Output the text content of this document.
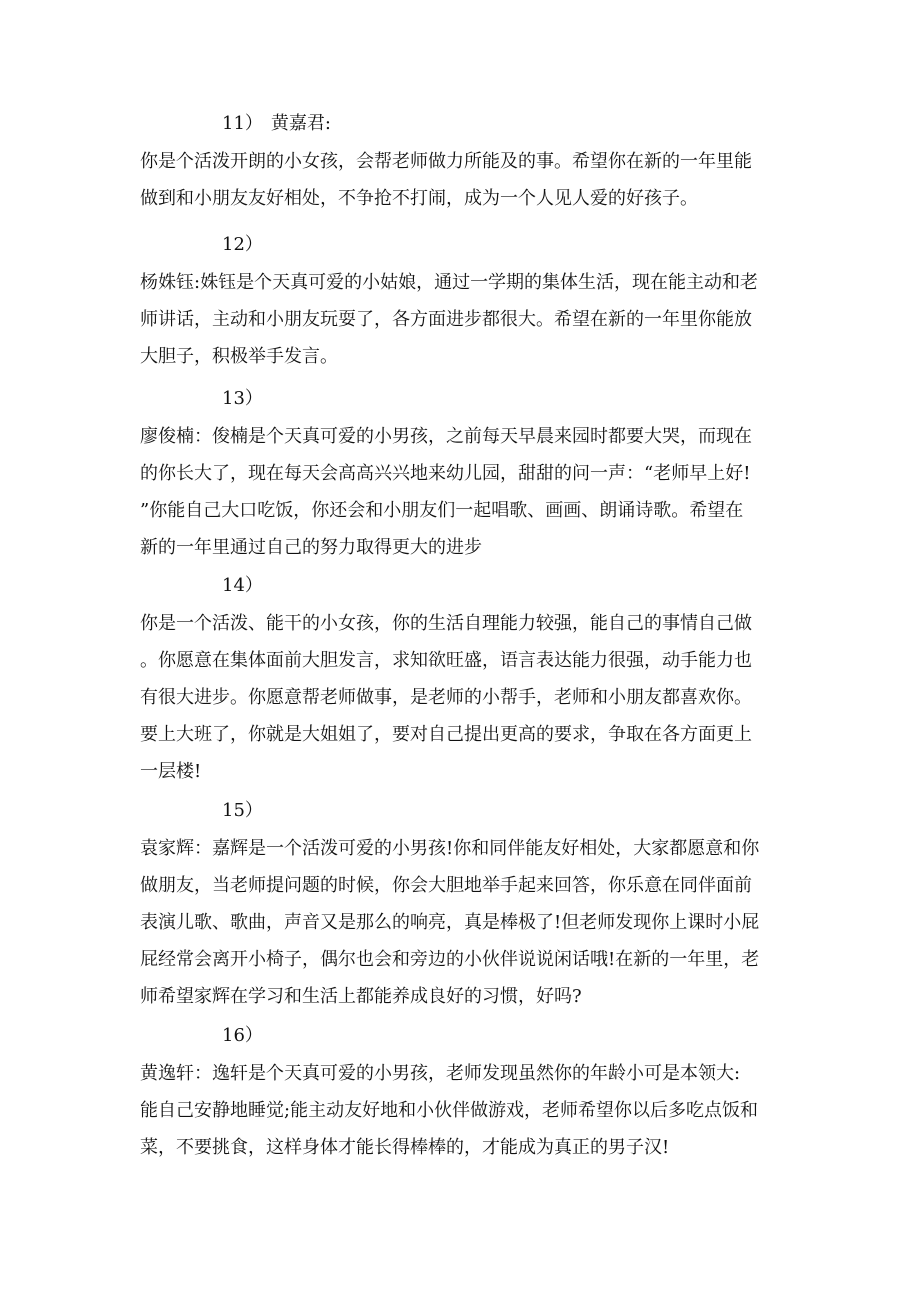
11） 黄嘉君:
你是个活泼开朗的小女孩，会帮老师做力所能及的事。希望你在新的一年里能
做到和小朋友友好相处，不争抢不打闹，成为一个人见人爱的好孩子。
12）
杨姝钰:姝钰是个天真可爱的小姑娘，通过一学期的集体生活，现在能主动和老
师讲话，主动和小朋友玩耍了，各方面进步都很大。希望在新的一年里你能放
大胆子，积极举手发言。
13）
廖俊楠：俊楠是个天真可爱的小男孩，之前每天早晨来园时都要大哭，而现在
的你长大了，现在每天会高高兴兴地来幼儿园，甜甜的问一声：“老师早上好!
”你能自己大口吃饭，你还会和小朋友们一起唱歌、画画、朗诵诗歌。希望在
新的一年里通过自己的努力取得更大的进步
14）
你是一个活泼、能干的小女孩，你的生活自理能力较强，能自己的事情自己做
。你愿意在集体面前大胆发言，求知欲旺盛，语言表达能力很强，动手能力也
有很大进步。你愿意帮老师做事，是老师的小帮手，老师和小朋友都喜欢你。
要上大班了，你就是大姐姐了，要对自己提出更高的要求，争取在各方面更上
一层楼!
15）
袁家辉：嘉辉是一个活泼可爱的小男孩!你和同伴能友好相处，大家都愿意和你
做朋友，当老师提问题的时候，你会大胆地举手起来回答，你乐意在同伴面前
表演儿歌、歌曲，声音又是那么的响亮，真是棒极了!但老师发现你上课时小屁
屁经常会离开小椅子，偶尔也会和旁边的小伙伴说说闲话哦!在新的一年里，老
师希望家辉在学习和生活上都能养成良好的习惯，好吗?
16）
黄逸轩：逸轩是个天真可爱的小男孩，老师发现虽然你的年龄小可是本领大:
能自己安静地睡觉;能主动友好地和小伙伴做游戏，老师希望你以后多吃点饭和
菜，不要挑食，这样身体才能长得棒棒的，才能成为真正的男子汉!
